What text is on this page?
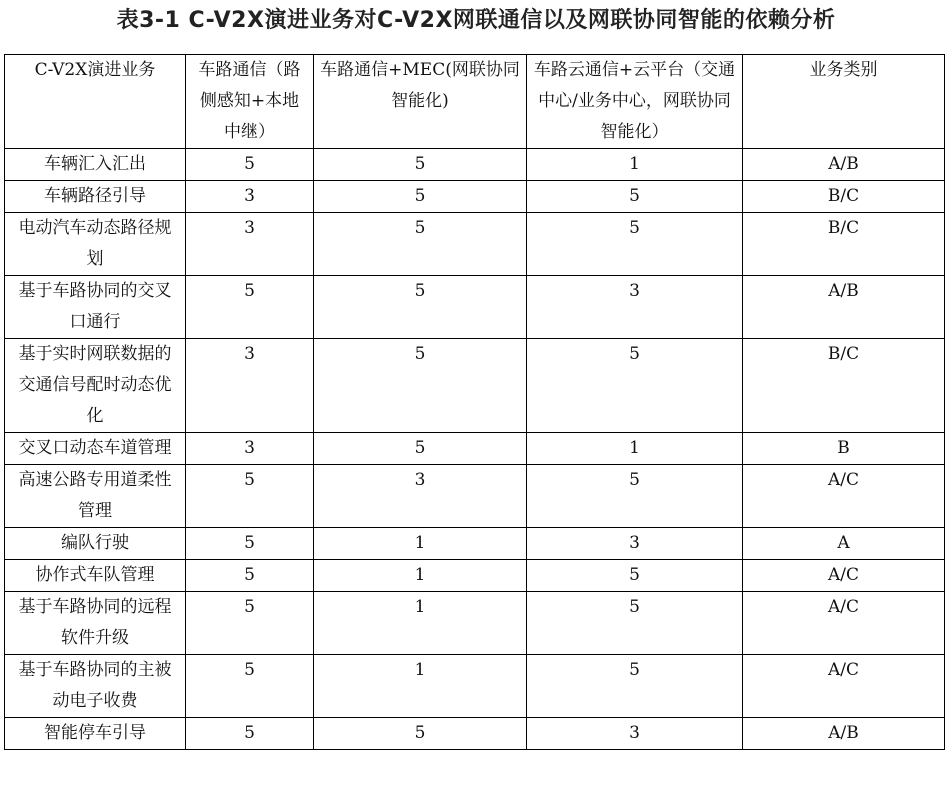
表3-1 C-V2X演进业务对C-V2X网联通信以及网联协同智能的依赖分析
C-V2X演进业务	车路通信（路侧感知+本地中继）	车路通信+MEC(网联协同智能化)	车路云通信+云平台（交通中心/业务中心，网联协同智能化）	业务类别

车辆汇入汇出	5	5	1	A/B

车辆路径引导	3	5	5	B/C

电动汽车动态路径规划	3	5	5	B/C

基于车路协同的交叉口通行	5	5	3	A/B

基于实时网联数据的交通信号配时动态优化	3	5	5	B/C

交叉口动态车道管理	3	5	1	B

高速公路专用道柔性管理	5	3	5	A/C

编队行驶	5	1	3	A

协作式车队管理	5	1	5	A/C

基于车路协同的远程软件升级	5	1	5	A/C

基于车路协同的主被动电子收费	5	1	5	A/C

智能停车引导	5	5	3	A/B
